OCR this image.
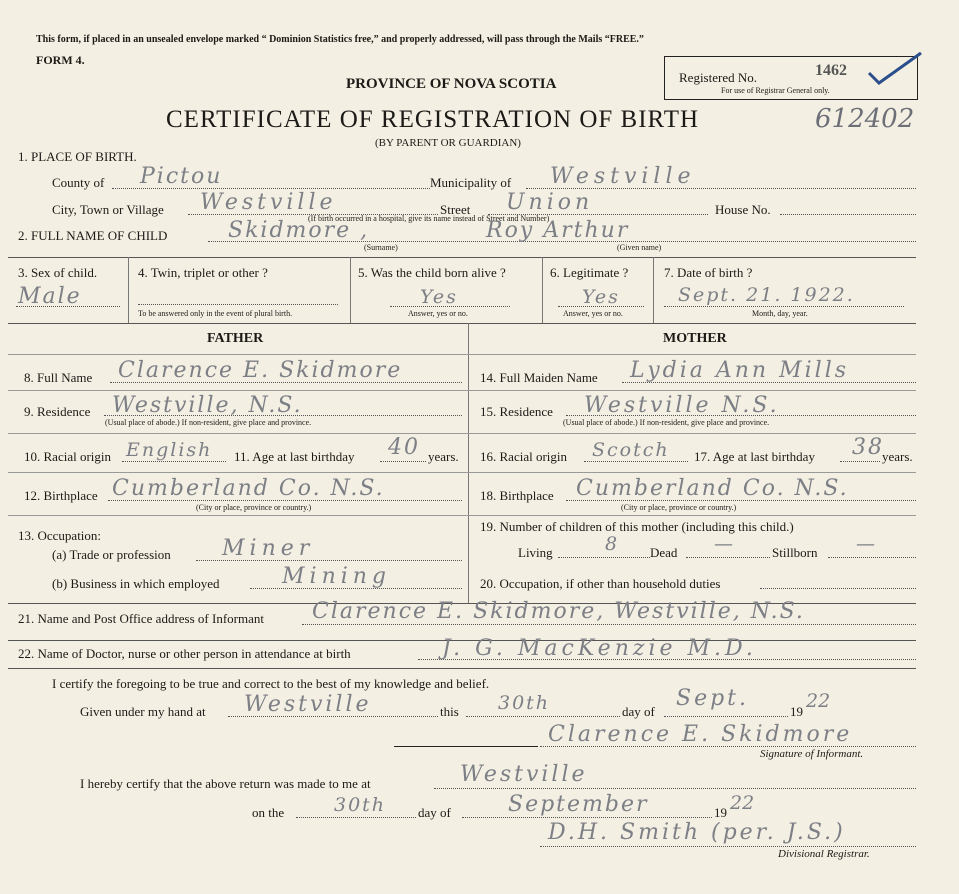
This form, if placed in an unsealed envelope marked “ Dominion Statistics free,” and properly addressed, will pass through the Mails “FREE.”
FORM 4.
PROVINCE OF NOVA SCOTIA
CERTIFICATE OF REGISTRATION OF BIRTH
(BY PARENT OR GUARDIAN)
612402
Registered No.	1462
For use of Registrar General only.
1. PLACE OF BIRTH.
County of Pictou	Municipality of Westville
City, Town or Village Westville	Street Union	House No.
(If birth occurred in a hospital, give its name instead of Street and Number)
2. FULL NAME OF CHILD	Skidmore ,	Roy Arthur
(Surname)	(Given name)
3. Sex of child.
Male
4. Twin, triplet or other ?
To be answered only in the event of plural birth.
5. Was the child born alive ?
Yes
Answer, yes or no.
6. Legitimate ?
Yes
Answer, yes or no.
7. Date of birth ?
Sept. 21. 1922.
Month, day, year.
FATHER	MOTHER
8. Full Name Clarence E. Skidmore
9. Residence Westville, N.S.
(Usual place of abode.) If non-resident, give place and province.
10. Racial origin English 11. Age at last birthday 40 years.
12. Birthplace Cumberland Co. N.S.
(City or place, province or country.)
13. Occupation:
(a) Trade or profession Miner
(b) Business in which employed	Mining
14. Full Maiden Name Lydia Ann Mills
15. Residence Westville N.S.
(Usual place of abode.) If non-resident, give place and province.
16. Racial origin Scotch 17. Age at last birthday 38
years.
18. Birthplace Cumberland Co. N.S.
(City or place, province or country.)
19. Number of children of this mother (including this child.)
Living	8 Dead —	Stillborn —
20. Occupation, if other than household duties
21. Name and Post Office address of Informant Clarence E. Skidmore, Westville, N.S.
22. Name of Doctor, nurse or other person in attendance at birth	J. G. MacKenzie M.D.
I certify the foregoing to be true and correct to the best of my knowledge and belief.
Given under my hand at Westville	this 30th	day of
Sept.
19 22
Clarence E. Skidmore
Signature of Informant.
I hereby certify that the above return was made to me at	Westville
on the	30th day of	September	19 22
D.H. Smith (per. J.S.)
Divisional Registrar.
